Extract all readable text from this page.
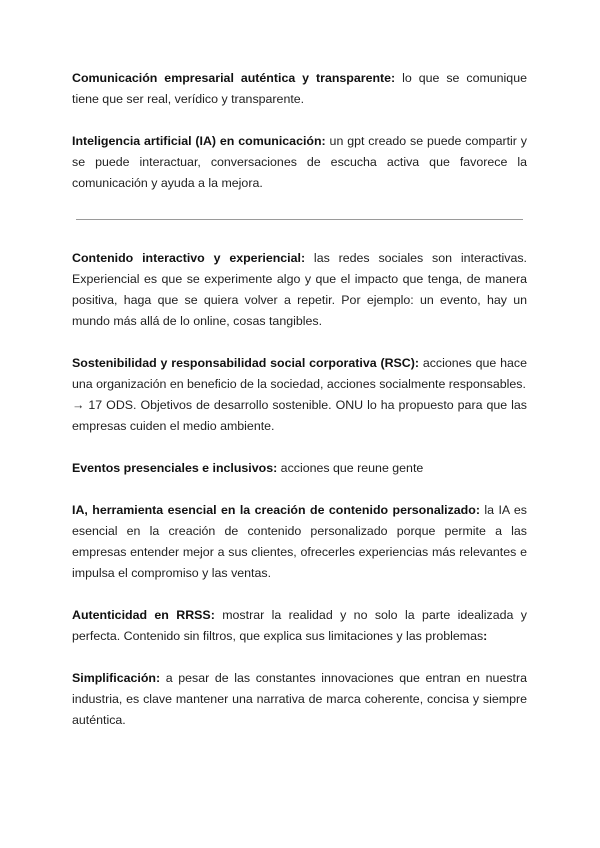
Comunicación empresarial auténtica y transparente: lo que se comunique tiene que ser real, verídico y transparente.

Inteligencia artificial (IA) en comunicación: un gpt creado se puede compartir y se puede interactuar, conversaciones de escucha activa que favorece la comunicación y ayuda a la mejora.

Contenido interactivo y experiencial: las redes sociales son interactivas. Experiencial es que se experimente algo y que el impacto que tenga, de manera positiva, haga que se quiera volver a repetir. Por ejemplo: un evento, hay un mundo más allá de lo online, cosas tangibles.

Sostenibilidad y responsabilidad social corporativa (RSC): acciones que hace una organización en beneficio de la sociedad, acciones socialmente responsables.
→ 17 ODS. Objetivos de desarrollo sostenible. ONU lo ha propuesto para que las empresas cuiden el medio ambiente.

Eventos presenciales e inclusivos: acciones que reune gente

IA, herramienta esencial en la creación de contenido personalizado: la IA es esencial en la creación de contenido personalizado porque permite a las empresas entender mejor a sus clientes, ofrecerles experiencias más relevantes e impulsa el compromiso y las ventas.

Autenticidad en RRSS: mostrar la realidad y no solo la parte idealizada y perfecta. Contenido sin filtros, que explica sus limitaciones y las problemas:

Simplificación: a pesar de las constantes innovaciones que entran en nuestra industria, es clave mantener una narrativa de marca coherente, concisa y siempre auténtica.
